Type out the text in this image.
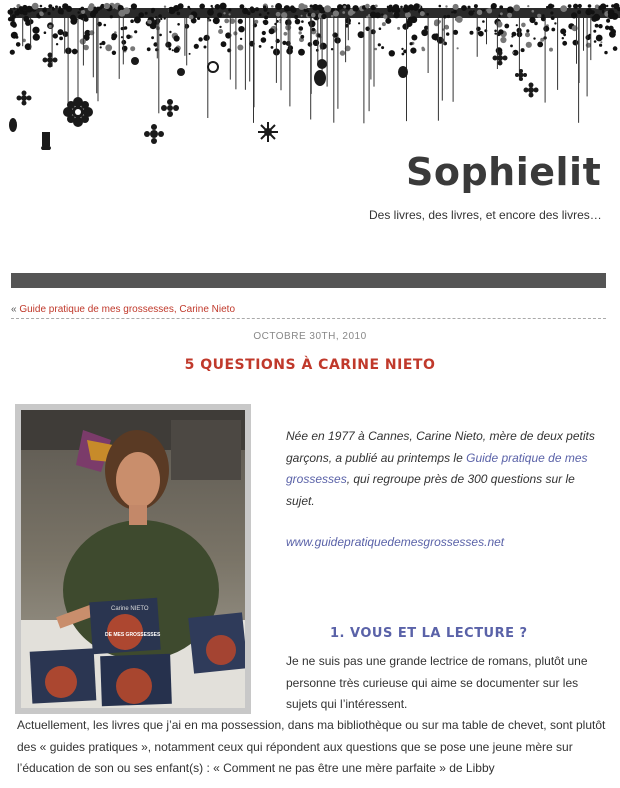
Sophielit
Des livres, des livres, et encore des livres…
« Guide pratique de mes grossesses, Carine Nieto
OCTOBRE 30TH, 2010
5 QUESTIONS À CARINE NIETO
Carine NIETO
DE MES GROSSESSES
Née en 1977 à Cannes, Carine Nieto, mère de deux petits garçons, a publié au printemps le Guide pratique de mes grossesses, qui regroupe près de 300 questions sur le sujet.
www.guidepratiquedemesgrossesses.net
1. VOUS ET LA LECTURE ?
Je ne suis pas une grande lectrice de romans, plutôt une personne très curieuse qui aime se documenter sur les sujets qui l’intéressent.
Actuellement, les livres que j’ai en ma possession, dans ma bibliothèque ou sur ma table de chevet, sont plutôt des « guides pratiques », notamment ceux qui répondent aux questions que se pose une jeune mère sur l’éducation de son ou ses enfant(s) : « Comment ne pas être une mère parfaite » de Libby
